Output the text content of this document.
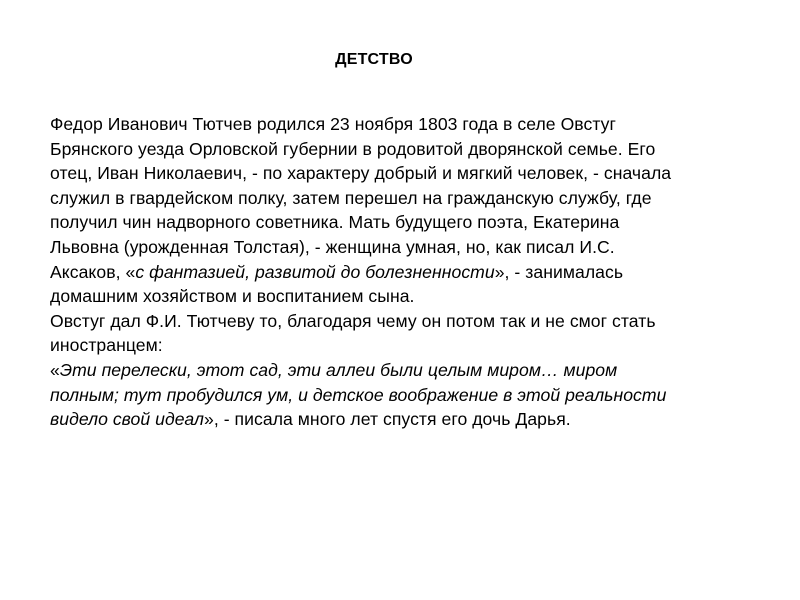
ДЕТСТВО

Федор Иванович Тютчев родился 23 ноября 1803 года в селе Овстуг
Брянского уезда Орловской губернии в родовитой дворянской семье. Его
отец, Иван Николаевич, - по характеру добрый и мягкий человек, - сначала
служил в гвардейском полку, затем перешел на гражданскую службу, где
получил чин надворного советника. Мать будущего поэта, Екатерина
Львовна (урожденная Толстая), - женщина умная, но, как писал И.С.
Аксаков, «с фантазией, развитой до болезненности», - занималась
домашним хозяйством и воспитанием сына.

Овстуг дал Ф.И. Тютчеву то, благодаря чему он потом так и не смог стать
иностранцем:
«Эти перелески, этот сад, эти аллеи были целым миром… миром
полным; тут пробудился ум, и детское воображение в этой реальности
видело свой идеал», - писала много лет спустя его дочь Дарья.
